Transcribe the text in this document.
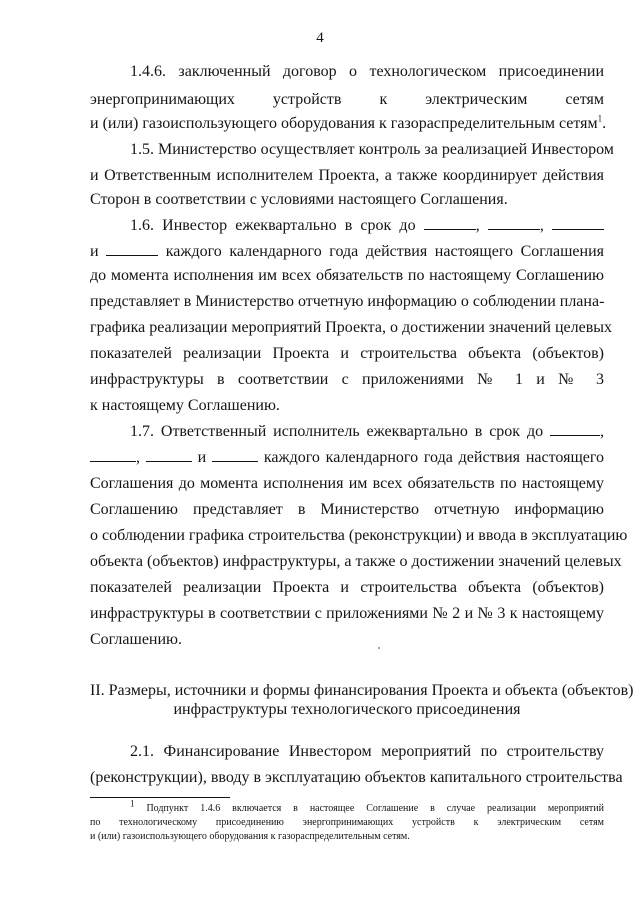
4
1.4.6. заключенный договор о технологическом присоединении
энергопринимающих устройств к электрическим сетям
и (или) газоиспользующего оборудования к газораспределительным сетям$^1$.
1.5. Министерство осуществляет контроль за реализацией Инвестором
и Ответственным исполнителем Проекта, а также координирует действия
Сторон в соответствии с условиями настоящего Соглашения.
1.6. Инвестор ежеквартально в срок до	,	,
и	каждого календарного года действия настоящего Соглашения
до момента исполнения им всех обязательств по настоящему Соглашению
представляет в Министерство отчетную информацию о соблюдении плана-
графика реализации мероприятий Проекта, о достижении значений целевых
показателей реализации Проекта и строительства объекта (объектов)
инфраструктуры в соответствии с приложениями № 1 и № 3
к настоящему Соглашению.
1.7. Ответственный исполнитель ежеквартально в срок до	,
,	и	каждого календарного года действия настоящего
Соглашения до момента исполнения им всех обязательств по настоящему
Соглашению представляет в Министерство отчетную информацию
о соблюдении графика строительства (реконструкции) и ввода в эксплуатацию
объекта (объектов) инфраструктуры, а также о достижении значений целевых
показателей реализации Проекта и строительства объекта (объектов)
инфраструктуры в соответствии с приложениями № 2 и № 3 к настоящему
Соглашению.
II. Размеры, источники и формы финансирования Проекта и объекта (объектов)
инфраструктуры технологического присоединения
2.1. Финансирование Инвестором мероприятий по строительству
(реконструкции), вводу в эксплуатацию объектов капитального строительства
$^1$ Подпункт 1.4.6 включается в настоящее Соглашение в случае реализации мероприятий
по технологическому присоединению энергопринимающих устройств к электрическим сетям
и (или) газоиспользующего оборудования к газораспределительным сетям.
